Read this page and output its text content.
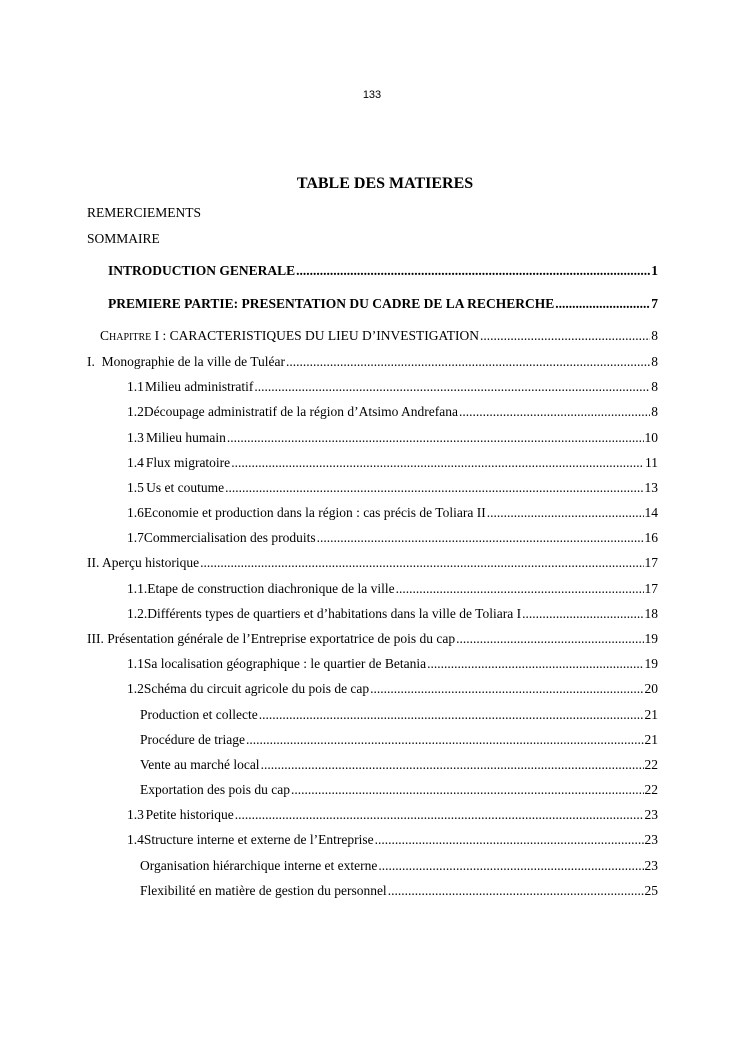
133
TABLE DES MATIERES
REMERCIEMENTS
SOMMAIRE
INTRODUCTION GENERALE .....	1
PREMIERE PARTIE: PRESENTATION DU CADRE DE LA RECHERCHE .....	7
CHAPITRE I : CARACTERISTIQUES DU LIEU D’INVESTIGATION .....	8
I.  Monographie de la ville de Tuléar .....	8
1.1 Milieu administratif .....	8
1.2 Découpage administratif de la région d’Atsimo Andrefana .....	8
1.3 Milieu humain .....	10
1.4 Flux migratoire .....	11
1.5 Us et coutume .....	13
1.6 Economie et production dans la région : cas précis de Toliara II .....	14
1.7 Commercialisation des produits .....	16
II. Aperçu historique .....	17
1.1. Etape de construction diachronique de la ville .....	17
1.2. Différents types de quartiers et d’habitations dans la ville de Toliara I .....	18
III. Présentation générale de l’Entreprise exportatrice de pois du cap .....	19
1.1 Sa localisation géographique : le quartier de Betania .....	19
1.2 Schéma du circuit agricole du pois de cap .....	20
Production et collecte .....	21
Procédure de triage .....	21
Vente au marché local .....	22
Exportation des pois du cap .....	22
1.3 Petite historique .....	23
1.4 Structure interne et externe de l’Entreprise .....	23
Organisation hiérarchique interne et externe .....	23
Flexibilité en matière de gestion du personnel .....	25
